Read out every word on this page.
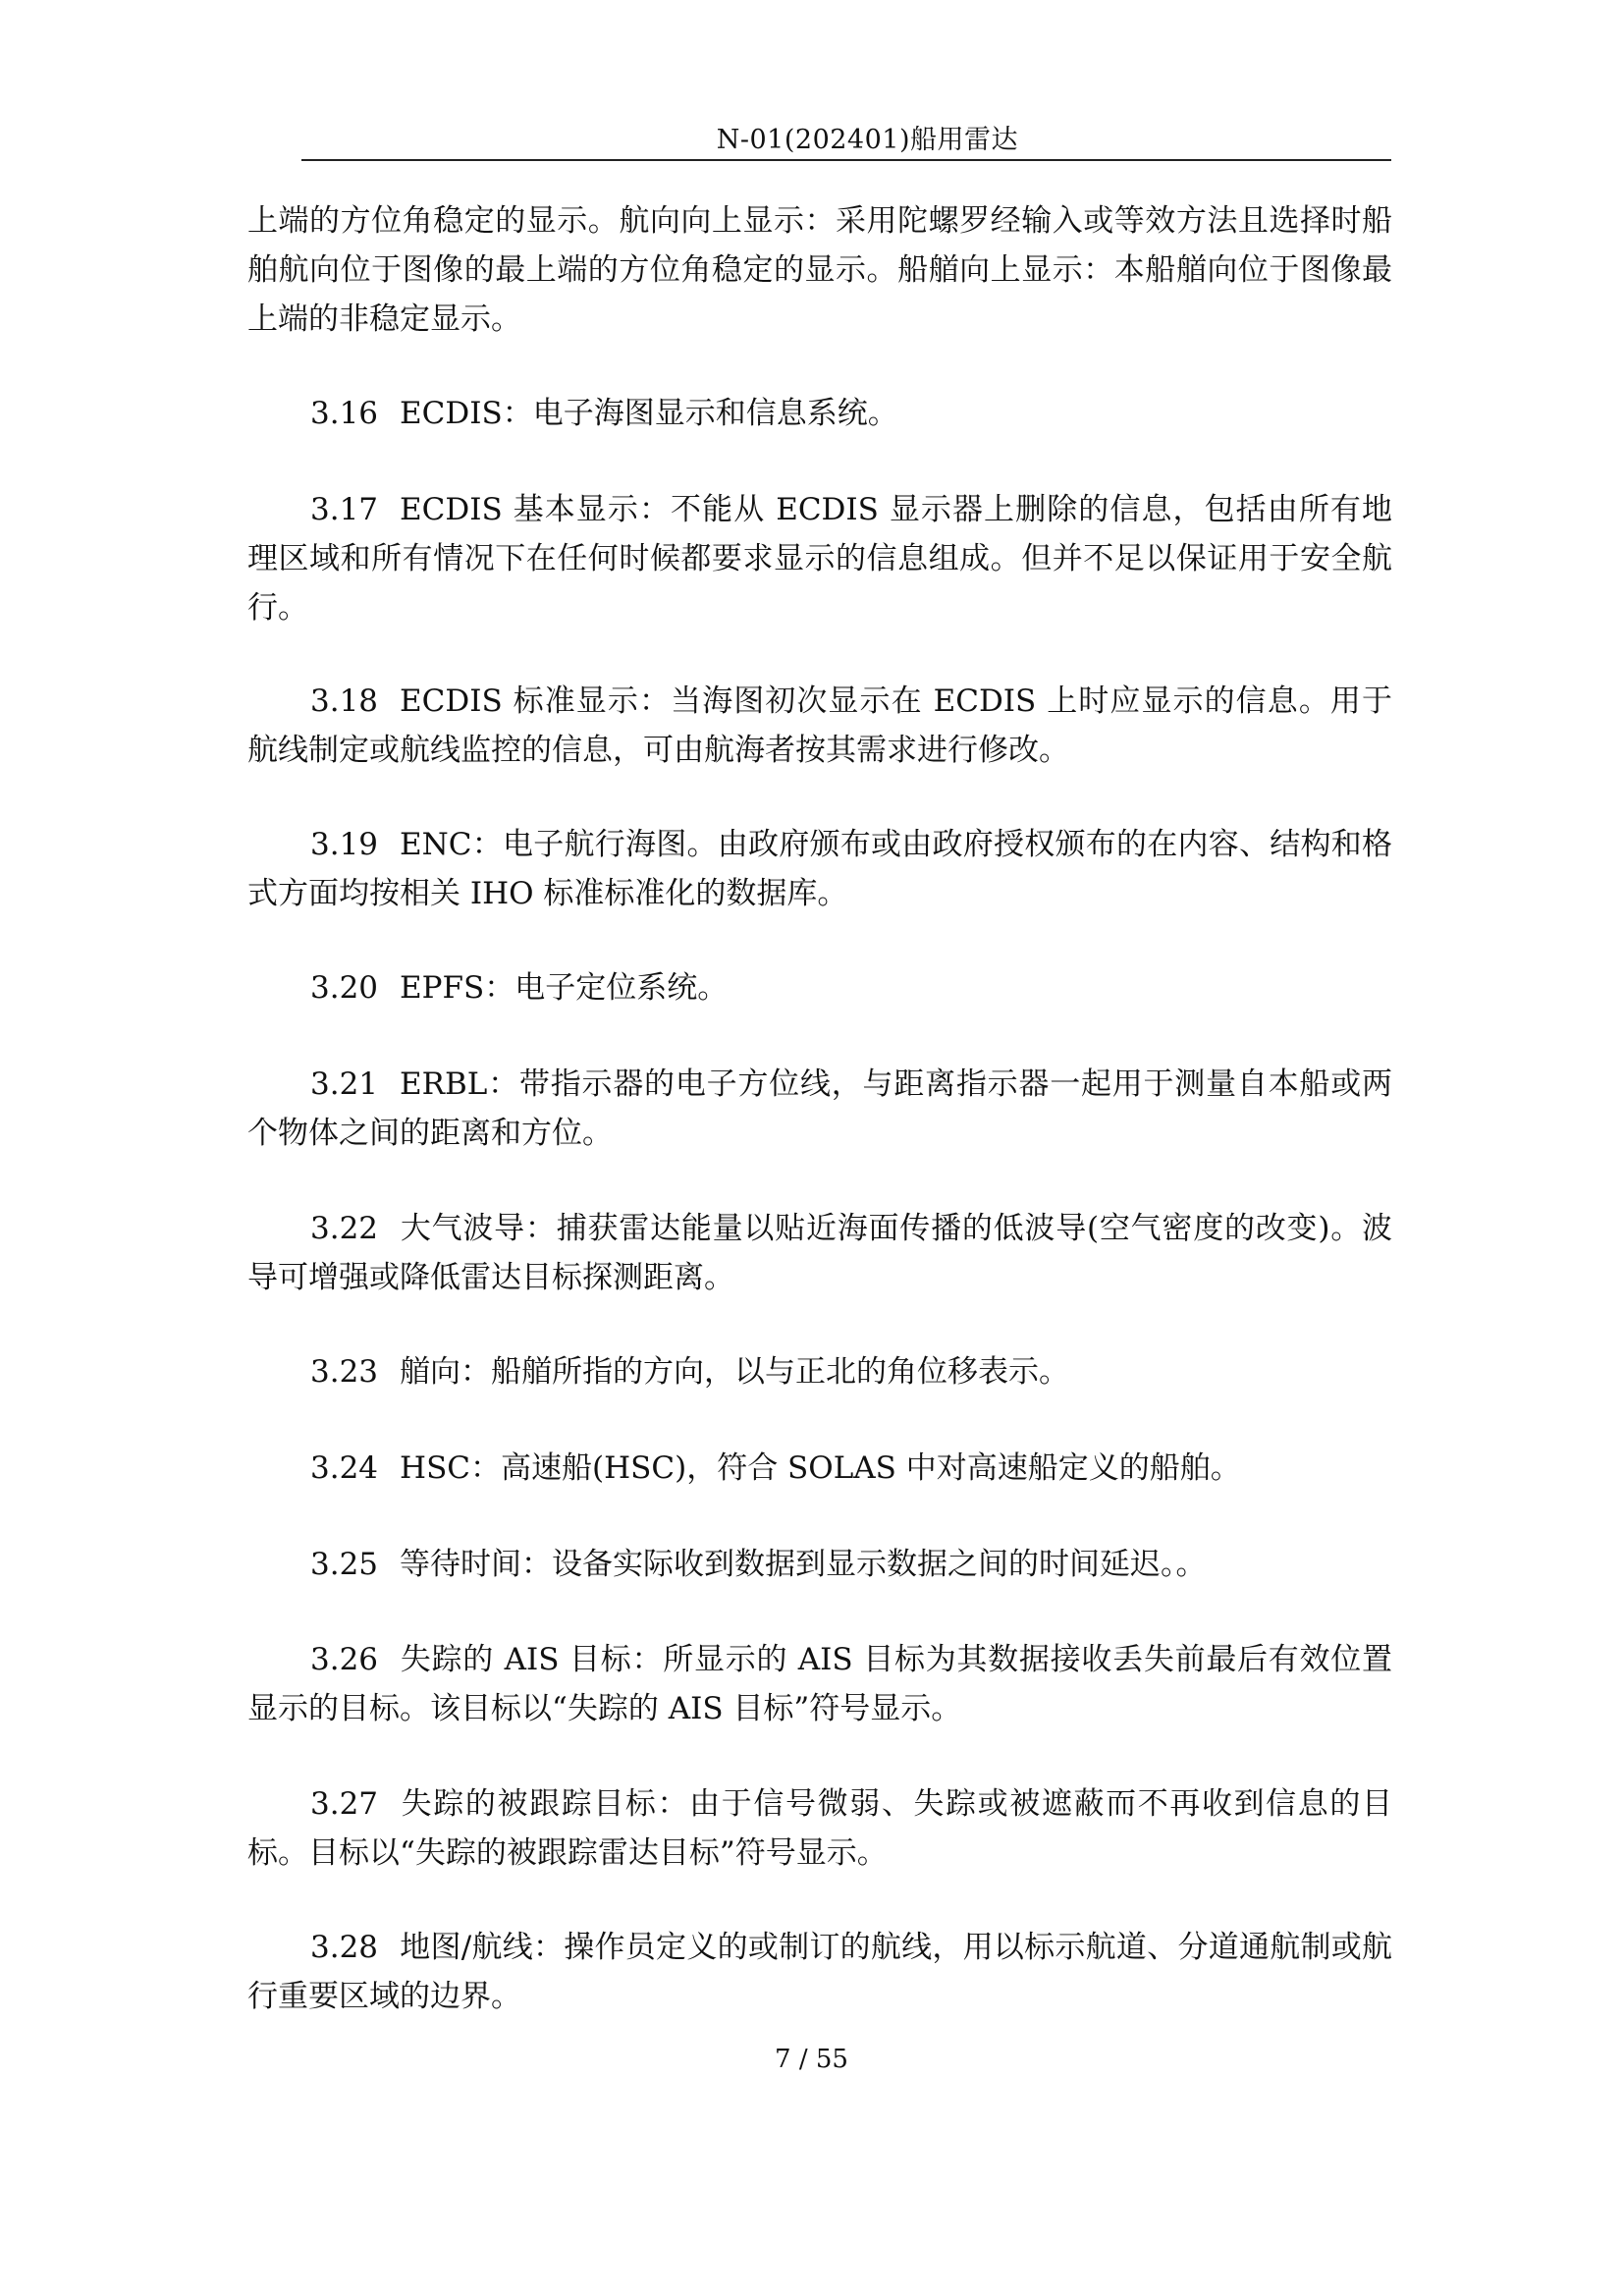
N-01(202401)船用雷达

上端的方位角稳定的显示。航向向上显示：采用陀螺罗经输入或等效方法且选择时船舶航向位于图像的最上端的方位角稳定的显示。船艏向上显示：本船艏向位于图像最上端的非稳定显示。

3.16 ECDIS：电子海图显示和信息系统。

3.17 ECDIS 基本显示：不能从 ECDIS 显示器上删除的信息，包括由所有地理区域和所有情况下在任何时候都要求显示的信息组成。但并不足以保证用于安全航行。

3.18 ECDIS 标准显示：当海图初次显示在 ECDIS 上时应显示的信息。用于航线制定或航线监控的信息，可由航海者按其需求进行修改。

3.19 ENC：电子航行海图。由政府颁布或由政府授权颁布的在内容、结构和格式方面均按相关 IHO 标准标准化的数据库。

3.20 EPFS：电子定位系统。

3.21 ERBL：带指示器的电子方位线，与距离指示器一起用于测量自本船或两个物体之间的距离和方位。

3.22 大气波导：捕获雷达能量以贴近海面传播的低波导(空气密度的改变)。波导可增强或降低雷达目标探测距离。

3.23 艏向：船艏所指的方向，以与正北的角位移表示。

3.24 HSC：高速船(HSC)，符合 SOLAS 中对高速船定义的船舶。

3.25 等待时间：设备实际收到数据到显示数据之间的时间延迟。。

3.26 失踪的 AIS 目标：所显示的 AIS 目标为其数据接收丢失前最后有效位置显示的目标。该目标以“失踪的 AIS 目标”符号显示。

3.27 失踪的被跟踪目标：由于信号微弱、失踪或被遮蔽而不再收到信息的目标。目标以“失踪的被跟踪雷达目标”符号显示。

3.28 地图/航线：操作员定义的或制订的航线，用以标示航道、分道通航制或航行重要区域的边界。

7 / 55
